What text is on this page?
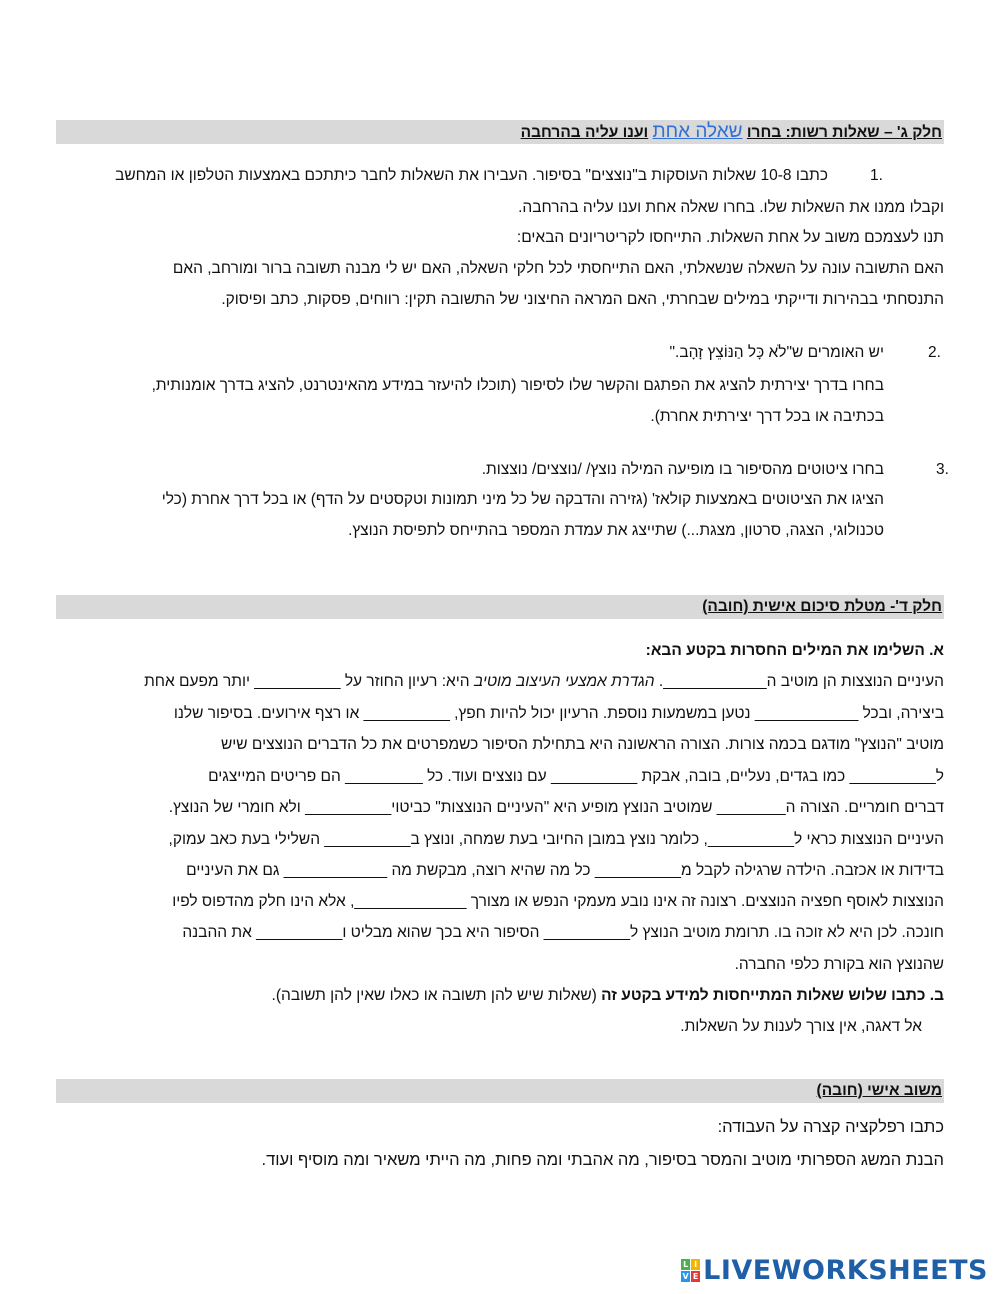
חלק ג' – שאלות רשות: בחרו שאלה אחת וענו עליה בהרחבה
1.
כתבו 10-8 שאלות העוסקות ב"נוצצים" בסיפור. העבירו את השאלות לחבר כיתתכם באמצעות הטלפון או המחשב
וקבלו ממנו את השאלות שלו. בחרו שאלה אחת וענו עליה בהרחבה.
תנו לעצמכם משוב על אחת השאלות. התייחסו לקריטריונים הבאים:
האם התשובה עונה על השאלה שנשאלתי, האם התייחסתי לכל חלקי השאלה, האם יש לי מבנה תשובה ברור ומורחב, האם
התנסחתי בבהירות ודייקתי במילים שבחרתי, האם המראה החיצוני של התשובה תקין: רווחים, פסקות, כתב ופיסוק.
2.
יש האומרים ש"לֹא כָּל הַנּוֹצֵץ זָהָב."
בחרו בדרך יצירתית להציג את הפתגם והקשר שלו לסיפור (תוכלו להיעזר במידע מהאינטרנט, להציג בדרך אומנותית,
בכתיבה או בכל דרך יצירתית אחרת).
3.
בחרו ציטוטים מהסיפור בו מופיעה המילה נוצץ/ /נוצצים/ נוצצות.
הציגו את הציטוטים באמצעות קולאז' (גזירה והדבקה של כל מיני תמונות וטקסטים על הדף) או בכל דרך אחרת (כלי
טכנולוגי, הצגה, סרטון, מצגת...) שתייצג את עמדת המספר בהתייחס לתפיסת הנוצץ.
חלק ד'- מטלת סיכום אישית (חובה)
א. השלימו את המילים החסרות בקטע הבא:
העיניים הנוצצות הן מוטיב ה____________. הגדרת אמצעי העיצוב מוטיב היא: רעיון החוזר על __________ יותר מפעם אחת
ביצירה, ובכל ____________ נטען במשמעות נוספת. הרעיון יכול להיות חפץ, __________ או רצף אירועים. בסיפור שלנו
מוטיב "הנוצץ" מודגם בכמה צורות. הצורה הראשונה היא בתחילת הסיפור כשמפרטים את כל הדברים הנוצצים שיש
ל__________ כמו בגדים, נעליים, בובה, אבקת __________ עם נוצצים ועוד. כל _________ הם פריטים המייצגים
דברים חומריים. הצורה ה________ שמוטיב הנוצץ מופיע היא "העיניים הנוצצות" כביטוי__________ ולא חומרי של הנוצץ.
העיניים הנוצצות כראי ל__________, כלומר נוצץ במובן החיובי בעת שמחה, ונוצץ ב__________ השלילי בעת כאב עמוק,
בדידות או אכזבה. הילדה שרגילה לקבל מ__________ כל מה שהיא רוצה, מבקשת מה ____________ גם את העיניים
הנוצצות לאוסף חפציה הנוצצים. רצונה זה אינו נובע מעמקי הנפש או מצורך _____________, אלא הינו חלק מהדפוס לפיו
חונכה. לכן היא לא זוכה בו. תרומת מוטיב הנוצץ ל__________ הסיפור היא בכך שהוא מבליט ו__________ את ההבנה
שהנוצץ הוא בקורת כלפי החברה.
ב. כתבו שלוש שאלות המתייחסות למידע בקטע זה (שאלות שיש להן תשובה או כאלו שאין להן תשובה).
אל דאגה, אין צורך לענות על השאלות.
משוב אישי (חובה)
כתבו רפלקציה קצרה על העבודה:
הבנת המשג הספרותי מוטיב והמסר בסיפור, מה אהבתי ומה פחות, מה הייתי משאיר ומה מוסיף ועוד.
L I
V E LIVEWORKSHEETS
